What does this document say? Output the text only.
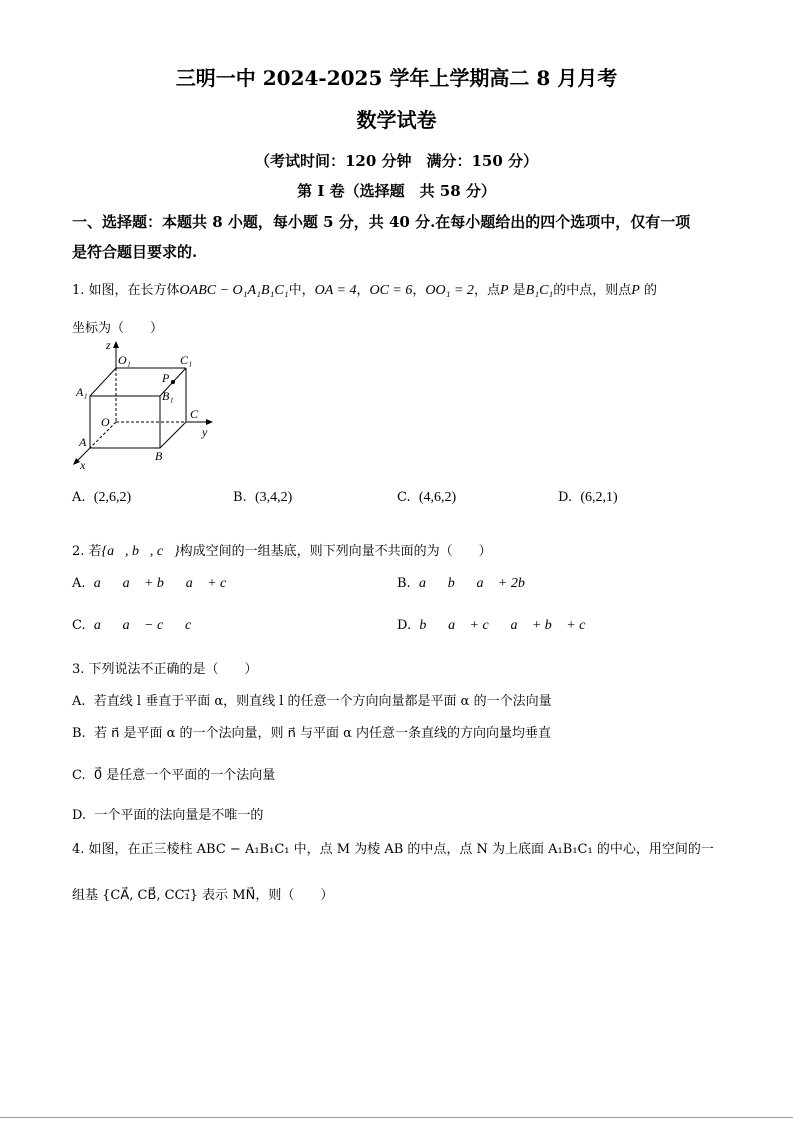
三明一中 2024-2025 学年上学期高二 8 月月考
数学试卷
（考试时间：120 分钟　满分：150 分）
第 I 卷（选择题　共 58 分）
一、选择题：本题共 8 小题，每小题 5 分，共 40 分.在每小题给出的四个选项中，仅有一项
是符合题目要求的.
1. 如图，在长方体OABC − O₁A₁B₁C₁中，OA = 4，OC = 6，OO₁ = 2，点P 是B₁C₁的中点，则点P 的
坐标为（　　）
z
O₁	C₁
P
A₁	B₁
C
O
y
A
B
x
A. (2,6,2)	B. (3,4,2)	C. (4,6,2)	D. (6,2,1)
2. 若{a⃗, b⃗, c⃗}构成空间的一组基底，则下列向量不共面的为（　　）
A. a⃗，a⃗ + b⃗，a⃗ + c⃗	B. a⃗，b⃗，a⃗ + 2b⃗
C. a⃗，a⃗ − c⃗，c⃗	D. b⃗，a⃗ + c⃗，a⃗ + b⃗ + c⃗
3. 下列说法不正确的是（　　）
A. 若直线 l 垂直于平面 α，则直线 l 的任意一个方向向量都是平面 α 的一个法向量
B. 若 n⃗ 是平面 α 的一个法向量，则 n⃗ 与平面 α 内任意一条直线的方向向量均垂直
C. 0⃗ 是任意一个平面的一个法向量
D. 一个平面的法向量是不唯一的
4. 如图，在正三棱柱 ABC − A₁B₁C₁ 中，点 M 为棱 AB 的中点，点 N 为上底面 A₁B₁C₁ 的中心，用空间的一
组基 {CA⃗, CB⃗, CC₁⃗} 表示 MN⃗，则（　　）
